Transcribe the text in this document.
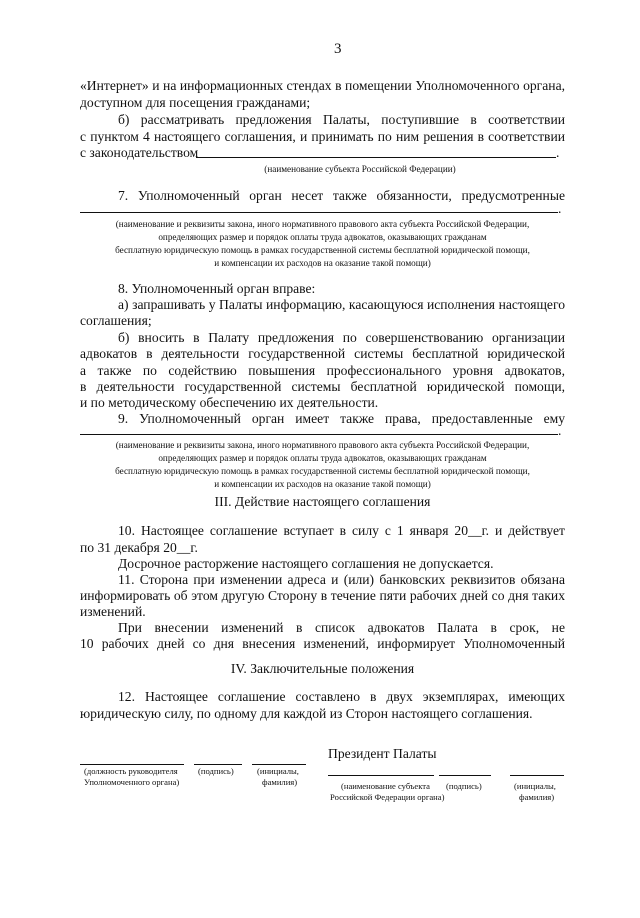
3
«Интернет» и на информационных стендах в помещении Уполномоченного органа,
доступном для посещения гражданами;
б) рассматривать предложения Палаты, поступившие в соответствии
с пунктом 4 настоящего соглашения, и принимать по ним решения в соответствии
с законодательством	.
(наименование субъекта Российской Федерации)
7. Уполномоченный орган несет также обязанности, предусмотренные
.
(наименование и реквизиты закона, иного нормативного правового акта субъекта Российской Федерации,
определяющих размер и порядок оплаты труда адвокатов, оказывающих гражданам
бесплатную юридическую помощь в рамках государственной системы бесплатной юридической помощи,
и компенсации их расходов на оказание такой помощи)
8. Уполномоченный орган вправе:
а) запрашивать у Палаты информацию, касающуюся исполнения настоящего
соглашения;
б) вносить в Палату предложения по совершенствованию организации
адвокатов в деятельности государственной системы бесплатной юридической
а также по содействию повышения профессионального уровня адвокатов,
в деятельности государственной системы бесплатной юридической помощи,
и по методическому обеспечению их деятельности.
9. Уполномоченный орган имеет также права, предоставленные ему
.
(наименование и реквизиты закона, иного нормативного правового акта субъекта Российской Федерации,
определяющих размер и порядок оплаты труда адвокатов, оказывающих гражданам
бесплатную юридическую помощь в рамках государственной системы бесплатной юридической помощи,
и компенсации их расходов на оказание такой помощи)
III. Действие настоящего соглашения
10. Настоящее соглашение вступает в силу с 1 января 20__г. и действует
по 31 декабря 20__г.
Досрочное расторжение настоящего соглашения не допускается.
11. Сторона при изменении адреса и (или) банковских реквизитов обязана
информировать об этом другую Сторону в течение пяти рабочих дней со дня таких
изменений.
При внесении изменений в список адвокатов Палата в срок, не
10 рабочих дней со дня внесения изменений, информирует Уполномоченный
IV. Заключительные положения
12. Настоящее соглашение составлено в двух экземплярах, имеющих
юридическую силу, по одному для каждой из Сторон настоящего соглашения.
Президент Палаты
(должность руководителя
Уполномоченного органа)
(подпись)	(инициалы,
фамилия)	(наименование субъекта
Российской Федерации органа)
(подпись)	(инициалы,
фамилия)
